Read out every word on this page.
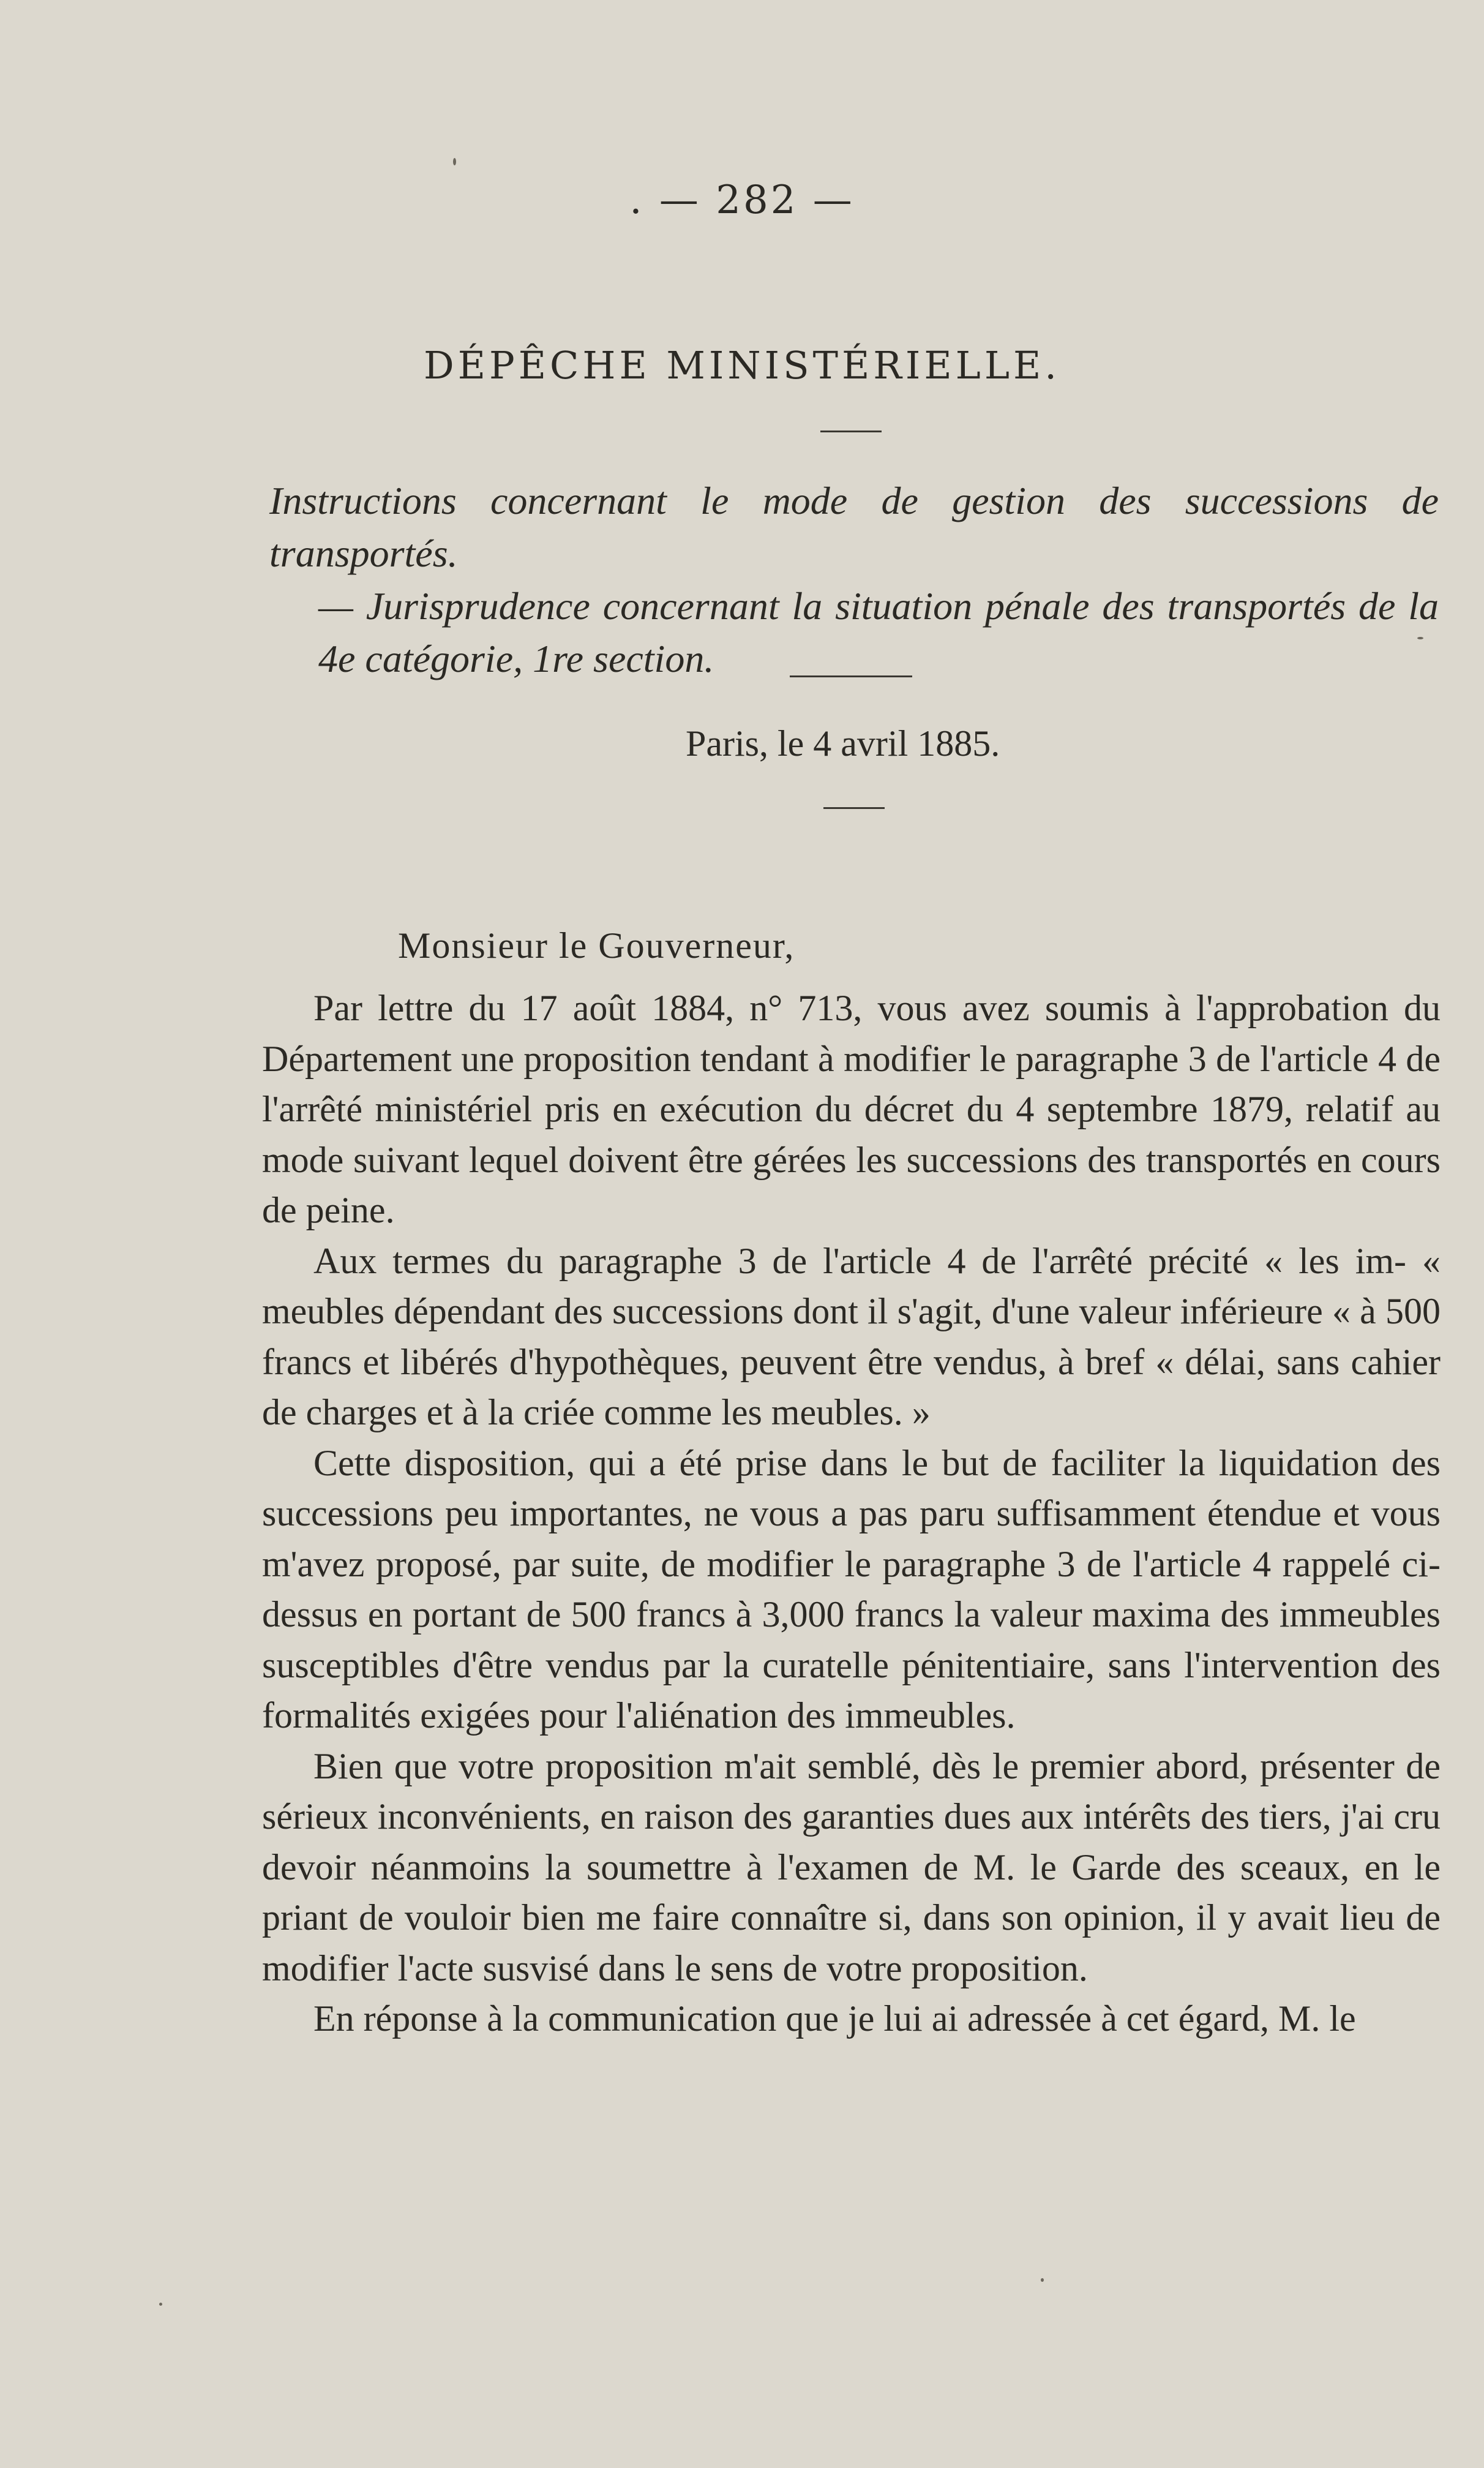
. — 282 —
DÉPÊCHE MINISTÉRIELLE.
Instructions concernant le mode de gestion des successions de transportés.
— Jurisprudence concernant la situation pénale des transportés de la
4e catégorie, 1re section.
Paris, le 4 avril 1885.
Monsieur le Gouverneur,

Par lettre du 17 août 1884, n° 713, vous avez soumis à l'approbation du Département une proposition tendant à modifier le paragraphe 3 de l'article 4 de l'arrêté ministériel pris en exécution du décret du 4 septembre 1879, relatif au mode suivant lequel doivent être gérées les successions des transportés en cours de peine.

Aux termes du paragraphe 3 de l'article 4 de l'arrêté précité « les im- « meubles dépendant des successions dont il s'agit, d'une valeur inférieure « à 500 francs et libérés d'hypothèques, peuvent être vendus, à bref « délai, sans cahier de charges et à la criée comme les meubles. »

Cette disposition, qui a été prise dans le but de faciliter la liquidation des successions peu importantes, ne vous a pas paru suffisamment étendue et vous m'avez proposé, par suite, de modifier le paragraphe 3 de l'article 4 rappelé ci-dessus en portant de 500 francs à 3,000 francs la valeur maxima des immeubles susceptibles d'être vendus par la curatelle pénitentiaire, sans l'intervention des formalités exigées pour l'aliénation des immeubles.

Bien que votre proposition m'ait semblé, dès le premier abord, présenter de sérieux inconvénients, en raison des garanties dues aux intérêts des tiers, j'ai cru devoir néanmoins la soumettre à l'examen de M. le Garde des sceaux, en le priant de vouloir bien me faire connaître si, dans son opinion, il y avait lieu de modifier l'acte susvisé dans le sens de votre proposition.

En réponse à la communication que je lui ai adressée à cet égard, M. le
